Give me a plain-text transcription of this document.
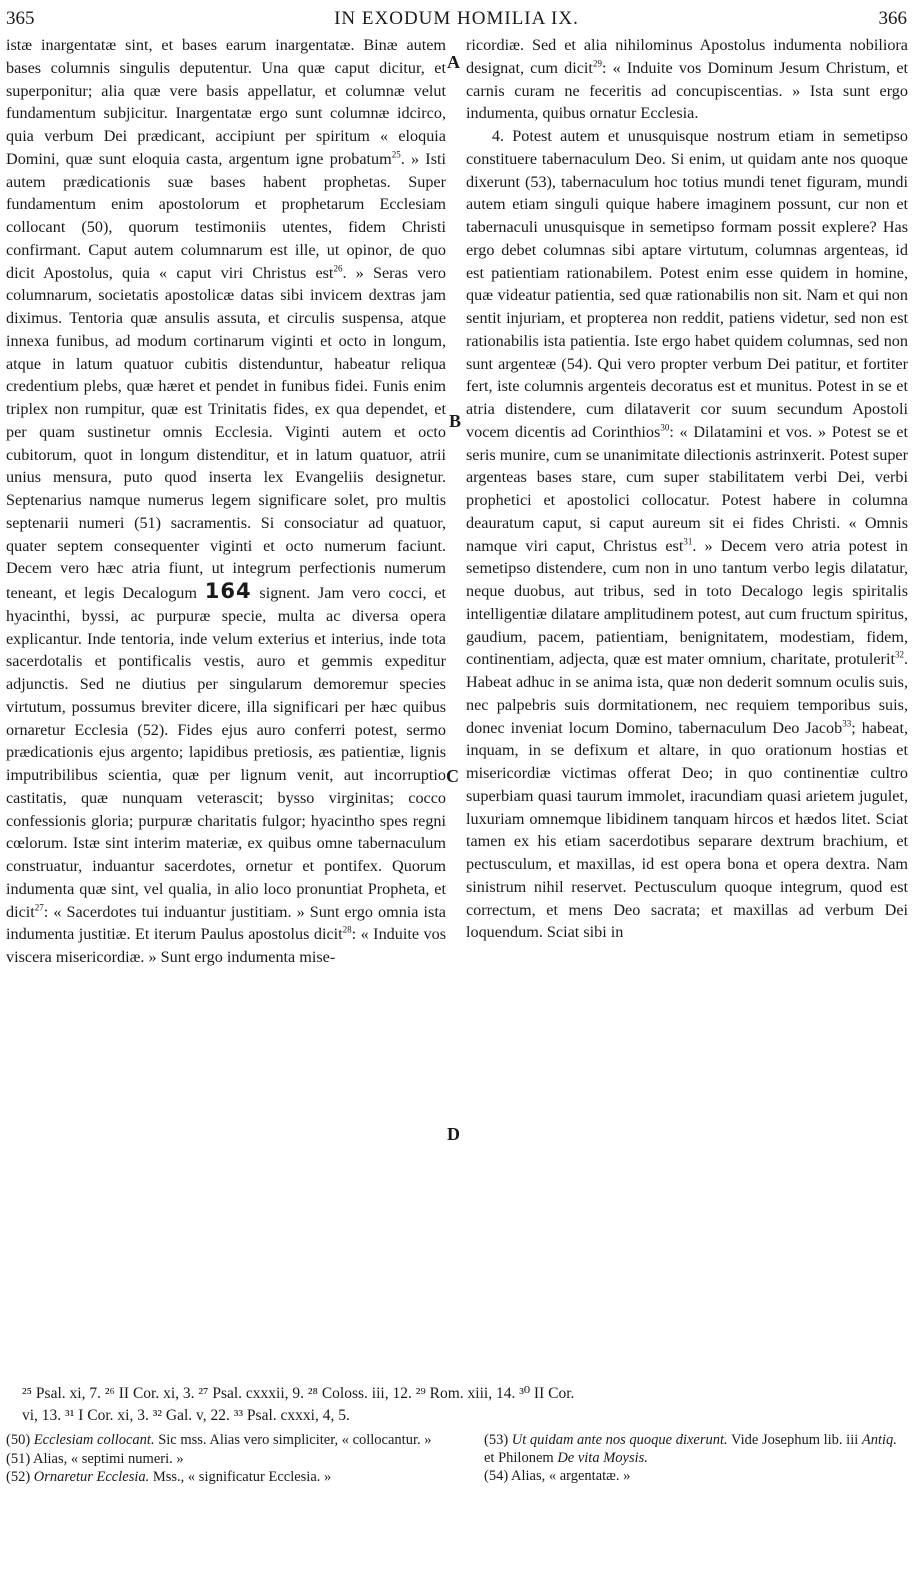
365	IN EXODUM HOMILIA IX.	366
A
B
C
D

istæ inargentatæ sint, et bases earum inargentatæ. Binæ autem bases columnis singulis deputentur. Una quæ caput dicitur, et superponitur; alia quæ vere basis appellatur, et columnæ velut fundamentum subjicitur. Inargentatæ ergo sunt columnæ idcirco, quia verbum Dei prædicant, accipiunt per spiritum « eloquia Domini, quæ sunt eloquia casta, argentum igne probatum$^{25}$. » Isti autem prædicationis suæ bases habent prophetas. Super fundamentum enim apostolorum et prophetarum Ecclesiam collocant (50), quorum testimoniis utentes, fidem Christi confirmant. Caput autem columnarum est ille, ut opinor, de quo dicit Apostolus, quia « caput viri Christus est$^{26}$. » Seras vero columnarum, societatis apostolicæ datas sibi invicem dextras jam diximus. Tentoria quæ ansulis assuta, et circulis suspensa, atque innexa funibus, ad modum cortinarum viginti et octo in longum, atque in latum quatuor cubitis distenduntur, habeatur reliqua credentium plebs, quæ hæret et pendet in funibus fidei. Funis enim triplex non rumpitur, quæ est Trinitatis fides, ex qua dependet, et per quam sustinetur omnis Ecclesia. Viginti autem et octo cubitorum, quot in longum distenditur, et in latum quatuor, atrii unius mensura, puto quod inserta lex Evangeliis designetur. Septenarius namque numerus legem significare solet, pro multis septenarii numeri (51) sacramentis. Si consociatur ad quatuor, quater septem consequenter viginti et octo numerum faciunt. Decem vero hæc atria fiunt, ut integrum perfectionis numerum teneant, et legis Decalogum 164 signent. Jam vero cocci, et hyacinthi, byssi, ac purpuræ specie, multa ac diversa opera explicantur. Inde tentoria, inde velum exterius et interius, inde tota sacerdotalis et pontificalis vestis, auro et gemmis expeditur adjunctis. Sed ne diutius per singularum demoremur species virtutum, possumus breviter dicere, illa significari per hæc quibus ornaretur Ecclesia (52). Fides ejus auro conferri potest, sermo prædicationis ejus argento; lapidibus pretiosis, æs patientiæ, lignis imputribilibus scientia, quæ per lignum venit, aut incorruptio castitatis, quæ nunquam veterascit; bysso virginitas; cocco confessionis gloria; purpuræ charitatis fulgor; hyacintho spes regni cœlorum. Istæ sint interim materiæ, ex quibus omne tabernaculum construatur, induantur sacerdotes, ornetur et pontifex. Quorum indumenta quæ sint, vel qualia, in alio loco pronuntiat Propheta, et dicit$^{27}$: « Sacerdotes tui induantur justitiam. » Sunt ergo omnia ista indumenta justitiæ. Et iterum Paulus apostolus dicit$^{28}$: « Induite vos viscera misericordiæ. » Sunt ergo indumenta mise-

ricordiæ. Sed et alia nihilominus Apostolus indumenta nobiliora designat, cum dicit$^{29}$: « Induite vos Dominum Jesum Christum, et carnis curam ne feceritis ad concupiscentias. » Ista sunt ergo indumenta, quibus ornatur Ecclesia.

4. Potest autem et unusquisque nostrum etiam in semetipso constituere tabernaculum Deo. Si enim, ut quidam ante nos quoque dixerunt (53), tabernaculum hoc totius mundi tenet figuram, mundi autem etiam singuli quique habere imaginem possunt, cur non et tabernaculi unusquisque in semetipso formam possit explere? Has ergo debet columnas sibi aptare virtutum, columnas argenteas, id est patientiam rationabilem. Potest enim esse quidem in homine, quæ videatur patientia, sed quæ rationabilis non sit. Nam et qui non sentit injuriam, et propterea non reddit, patiens videtur, sed non est rationabilis ista patientia. Iste ergo habet quidem columnas, sed non sunt argenteæ (54). Qui vero propter verbum Dei patitur, et fortiter fert, iste columnis argenteis decoratus est et munitus. Potest in se et atria distendere, cum dilataverit cor suum secundum Apostoli vocem dicentis ad Corinthios$^{30}$: « Dilatamini et vos. » Potest se et seris munire, cum se unanimitate dilectionis astrinxerit. Potest super argenteas bases stare, cum super stabilitatem verbi Dei, verbi prophetici et apostolici collocatur. Potest habere in columna deauratum caput, si caput aureum sit ei fides Christi. « Omnis namque viri caput, Christus est$^{31}$. » Decem vero atria potest in semetipso distendere, cum non in uno tantum verbo legis dilatatur, neque duobus, aut tribus, sed in toto Decalogo legis spiritalis intelligentiæ dilatare amplitudinem potest, aut cum fructum spiritus, gaudium, pacem, patientiam, benignitatem, modestiam, fidem, continentiam, adjecta, quæ est mater omnium, charitate, protulerit$^{32}$. Habeat adhuc in se anima ista, quæ non dederit somnum oculis suis, nec palpebris suis dormitationem, nec requiem temporibus suis, donec inveniat locum Domino, tabernaculum Deo Jacob$^{33}$; habeat, inquam, in se defixum et altare, in quo orationum hostias et misericordiæ victimas offerat Deo; in quo continentiæ cultro superbiam quasi taurum immolet, iracundiam quasi arietem jugulet, luxuriam omnemque libidinem tanquam hircos et hædos litet. Sciat tamen ex his etiam sacerdotibus separare dextrum brachium, et pectusculum, et maxillas, id est opera bona et opera dextra. Nam sinistrum nihil reservet. Pectusculum quoque integrum, quod est correctum, et mens Deo sacrata; et maxillas ad verbum Dei loquendum. Sciat sibi in

²⁵ Psal. xi, 7. ²⁶ II Cor. xi, 3. ²⁷ Psal. cxxxii, 9. ²⁸ Coloss. iii, 12. ²⁹ Rom. xiii, 14. ³⁰ II Cor.

vi, 13. ³¹ I Cor. xi, 3. ³² Gal. v, 22. ³³ Psal. cxxxi, 4, 5.

(50) Ecclesiam collocant. Sic mss. Alias vero simpliciter, « collocantur. »

(51) Alias, « septimi numeri. »

(52) Ornaretur Ecclesia. Mss., « significatur Ecclesia. »

(53) Ut quidam ante nos quoque dixerunt. Vide Josephum lib. iii Antiq. et Philonem De vita Moysis.

(54) Alias, « argentatæ. »
